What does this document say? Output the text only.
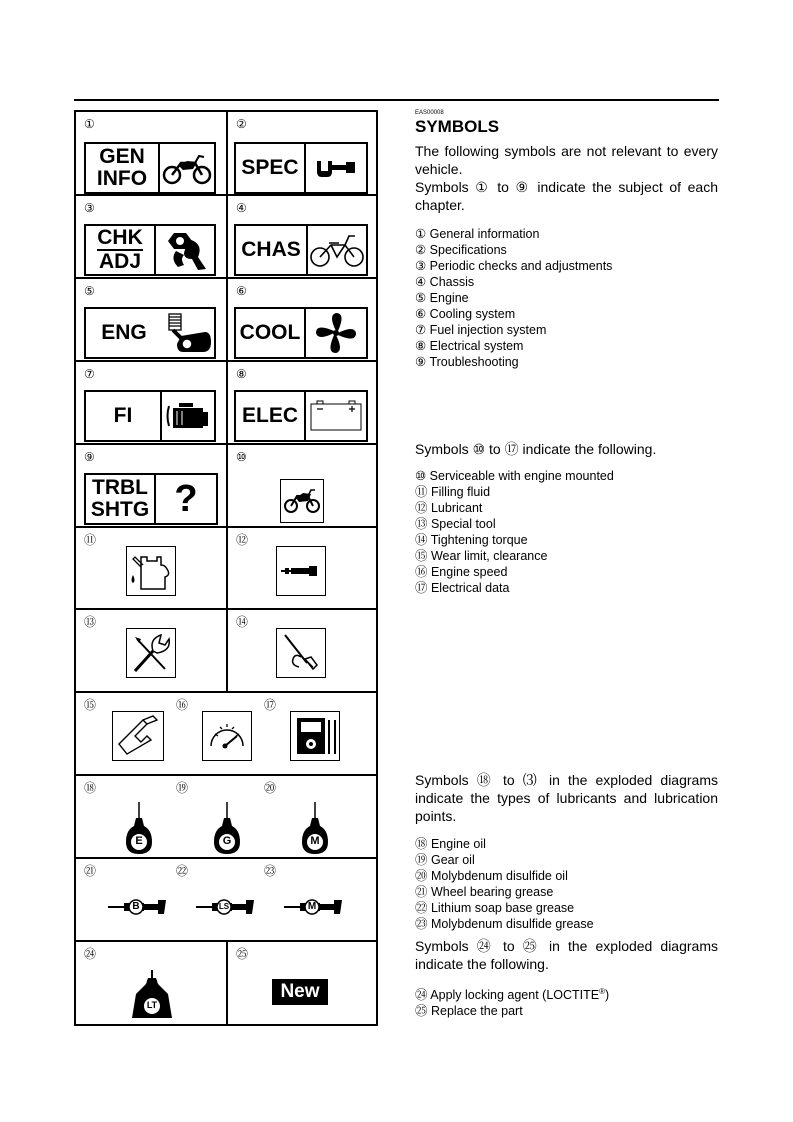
①
GEN
INFO
②
SPEC
③
CHK
ADJ
④
CHAS
⑤
ENG
⑥
COOL
⑦
FI
⑧
ELEC
⑨
TRBL
SHTG ?
⑩
⑪	⑫
⑬	⑭
⑮	⑯	⑰
⑱	⑲	⑳
E	G	M
㉑	㉒	㉓
B	LS	M
㉔
LT
㉕
New
EAS00008
SYMBOLS
The following symbols are not relevant to every vehicle.
Symbols ① to ⑨ indicate the subject of each chapter.
① General information
② Specifications
③ Periodic checks and adjustments
④ Chassis
⑤ Engine
⑥ Cooling system
⑦ Fuel injection system
⑧ Electrical system
⑨ Troubleshooting
Symbols ⑩ to ⑰ indicate the following.
⑩ Serviceable with engine mounted
⑪ Filling fluid
⑫ Lubricant
⑬ Special tool
⑭ Tightening torque
⑮ Wear limit, clearance
⑯ Engine speed
⑰ Electrical data
Symbols ⑱ to ⑶ in the exploded diagrams indicate the types of lubricants and lubrication points.
⑱ Engine oil
⑲ Gear oil
⑳ Molybdenum disulfide oil
㉑ Wheel bearing grease
㉒ Lithium soap base grease
㉓ Molybdenum disulfide grease
Symbols ㉔ to ㉕ in the exploded diagrams indicate the following.
㉔ Apply locking agent (LOCTITE®)
㉕ Replace the part
